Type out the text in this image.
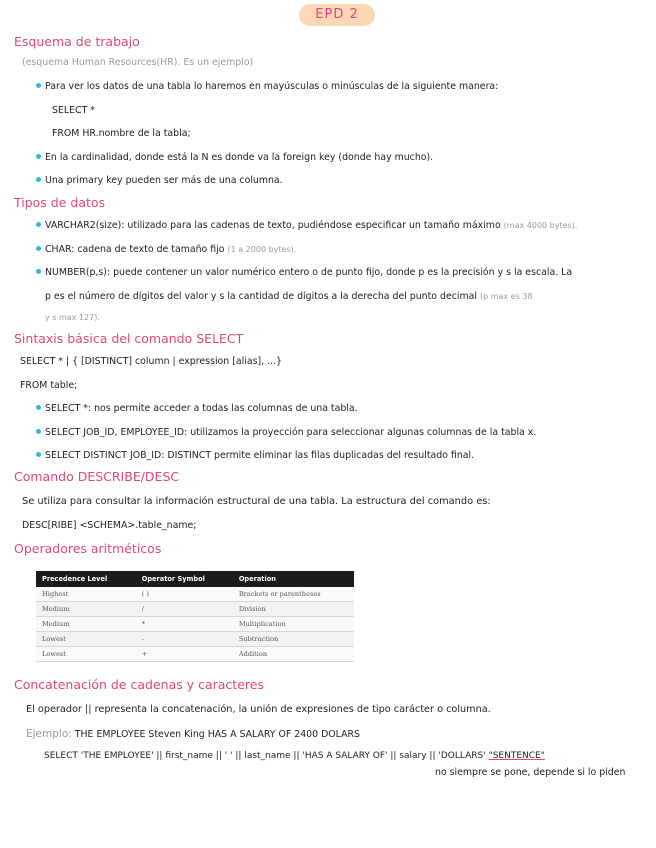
EPD 2
Esquema de trabajo
(esquema Human Resources(HR). Es un ejemplo)
Para ver los datos de una tabla lo haremos en mayúsculas o minúsculas de la siguiente manera:
SELECT *
FROM HR.nombre de la tabla;
En la cardinalidad, donde está la N es donde va la foreign key (donde hay mucho).
Una primary key pueden ser más de una columna.
Tipos de datos
VARCHAR2(size): utilizado para las cadenas de texto, pudiéndose especificar un tamaño máximo (max 4000 bytes).
CHAR: cadena de texto de tamaño fijo (1 a 2000 bytes).
NUMBER(p,s): puede contener un valor numérico entero o de punto fijo, donde p es la precisión y s la escala. La
p es el número de dígitos del valor y s la cantidad de dígitos a la derecha del punto decimal (p max es 38
y s max 127).
Sintaxis básica del comando SELECT
SELECT * | { [DISTINCT] column | expression [alias], ...}
FROM table;
SELECT *: nos permite acceder a todas las columnas de una tabla.
SELECT JOB_ID, EMPLOYEE_ID: utilizamos la proyección para seleccionar algunas columnas de la tabla x.
SELECT DISTINCT JOB_ID: DISTINCT permite eliminar las filas duplicadas del resultado final.
Comando DESCRIBE/DESC
Se utiliza para consultar la información estructural de una tabla. La estructura del comando es:
DESC[RIBE] <SCHEMA>.table_name;
Operadores aritméticos
Precedence Level	Operator Symbol	Operation
Highest	( )	Brackets or parentheses
Medium	/	Division
Medium	*	Multiplication
Lowest	-	Subtraction
Lowest	+	Addition
Concatenación de cadenas y caracteres
El operador || representa la concatenación, la unión de expresiones de tipo carácter o columna.
Ejemplo: THE EMPLOYEE Steven King HAS A SALARY OF 2400 DOLARS
SELECT 'THE EMPLOYEE' || first_name || ' ' || last_name || 'HAS A SALARY OF' || salary || 'DOLLARS' "SENTENCE"
no siempre se pone, depende si lo piden
